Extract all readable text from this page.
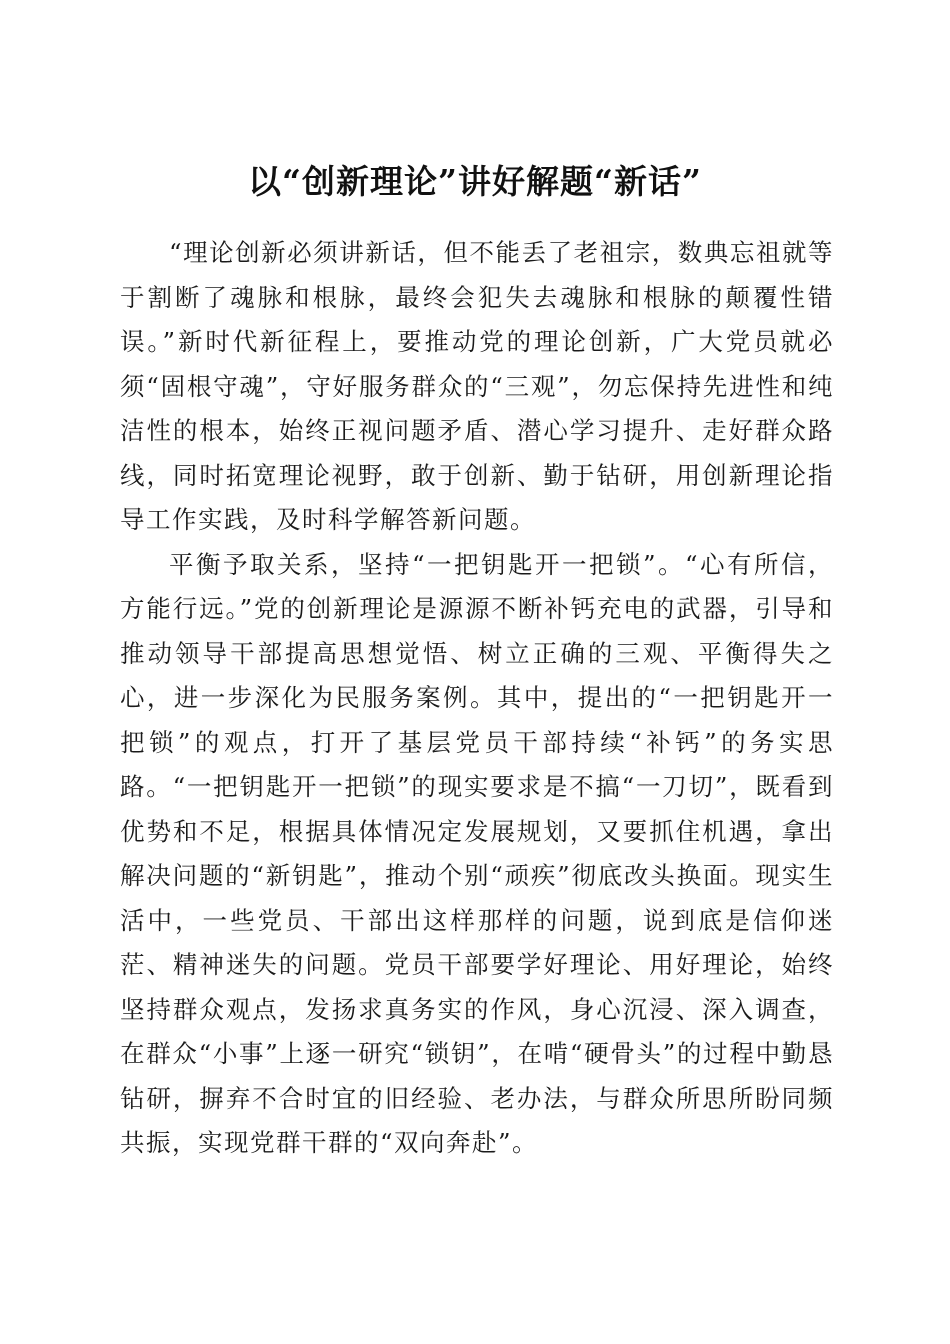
以“创新理论”讲好解题“新话”

“理论创新必须讲新话，但不能丢了老祖宗，数典忘祖就等于割断了魂脉和根脉，最终会犯失去魂脉和根脉的颠覆性错误。”新时代新征程上，要推动党的理论创新，广大党员就必须“固根守魂”，守好服务群众的“三观”，勿忘保持先进性和纯洁性的根本，始终正视问题矛盾、潜心学习提升、走好群众路线，同时拓宽理论视野，敢于创新、勤于钻研，用创新理论指导工作实践，及时科学解答新问题。

平衡予取关系，坚持“一把钥匙开一把锁”。“心有所信，方能行远。”党的创新理论是源源不断补钙充电的武器，引导和推动领导干部提高思想觉悟、树立正确的三观、平衡得失之心，进一步深化为民服务案例。其中，提出的“一把钥匙开一把锁”的观点，打开了基层党员干部持续“补钙”的务实思路。“一把钥匙开一把锁”的现实要求是不搞“一刀切”，既看到优势和不足，根据具体情况定发展规划，又要抓住机遇，拿出解决问题的“新钥匙”，推动个别“顽疾”彻底改头换面。现实生活中，一些党员、干部出这样那样的问题，说到底是信仰迷茫、精神迷失的问题。党员干部要学好理论、用好理论，始终坚持群众观点，发扬求真务实的作风，身心沉浸、深入调查，在群众“小事”上逐一研究“锁钥”，在啃“硬骨头”的过程中勤恳钻研，摒弃不合时宜的旧经验、老办法，与群众所思所盼同频共振，实现党群干群的“双向奔赴”。
